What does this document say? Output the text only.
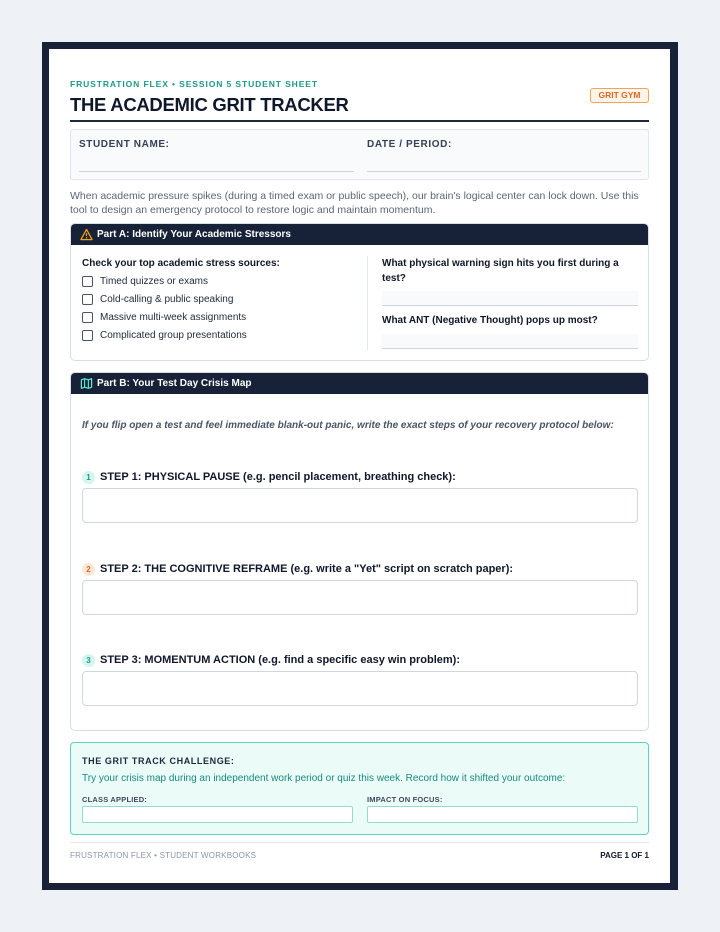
FRUSTRATION FLEX • SESSION 5 STUDENT SHEET
THE ACADEMIC GRIT TRACKER	GRIT GYM
STUDENT NAME:	DATE / PERIOD:
When academic pressure spikes (during a timed exam or public speech), our brain's logical center can lock down. Use this tool to design an emergency protocol to restore logic and maintain momentum.
Part A: Identify Your Academic Stressors
Check your top academic stress sources:
Timed quizzes or exams
Cold-calling & public speaking
Massive multi-week assignments
Complicated group presentations
What physical warning sign hits you first during a test?
What ANT (Negative Thought) pops up most?
Part B: Your Test Day Crisis Map
If you flip open a test and feel immediate blank-out panic, write the exact steps of your recovery protocol below:
1 STEP 1: PHYSICAL PAUSE (e.g. pencil placement, breathing check):
2 STEP 2: THE COGNITIVE REFRAME (e.g. write a "Yet" script on scratch paper):
3 STEP 3: MOMENTUM ACTION (e.g. find a specific easy win problem):
THE GRIT TRACK CHALLENGE:
Try your crisis map during an independent work period or quiz this week. Record how it shifted your outcome:
CLASS APPLIED:	IMPACT ON FOCUS:
FRUSTRATION FLEX • STUDENT WORKBOOKS	PAGE 1 OF 1
